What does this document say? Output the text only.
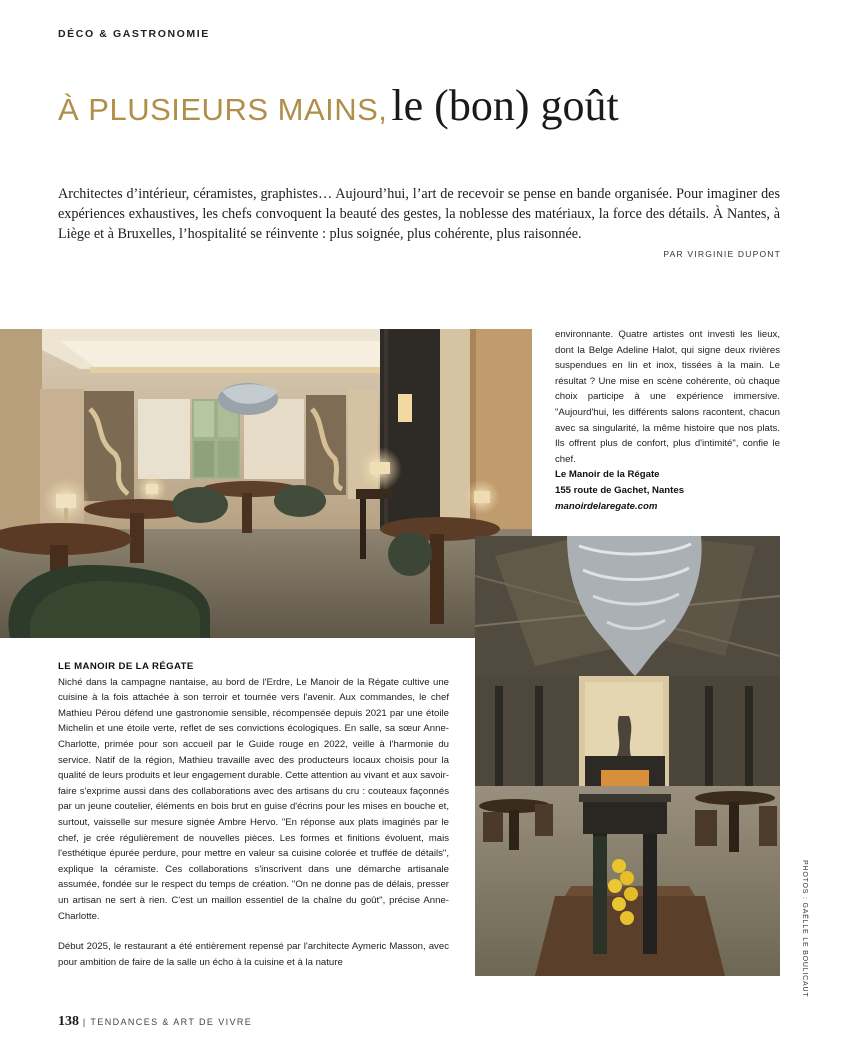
DÉCO & GASTRONOMIE
À PLUSIEURS MAINS, le (bon) goût
Architectes d’intérieur, céramistes, graphistes… Aujourd’hui, l’art de recevoir se pense en bande organisée. Pour imaginer des expériences exhaustives, les chefs convoquent la beauté des gestes, la noblesse des matériaux, la force des détails. À Nantes, à Liège et à Bruxelles, l’hospitalité se réinvente : plus soignée, plus cohérente, plus raisonnée.
PAR VIRGINIE DUPONT
environnante. Quatre artistes ont investi les lieux, dont la Belge Adeline Halot, qui signe deux rivières suspendues en lin et inox, tissées à la main. Le résultat ? Une mise en scène cohérente, où chaque choix participe à une expérience immersive. "Aujourd'hui, les différents salons racontent, chacun avec sa singularité, la même histoire que nos plats. Ils offrent plus de confort, plus d'intimité", confie le chef.
Le Manoir de la Régate
155 route de Gachet, Nantes
manoirdelaregate.com
LE MANOIR DE LA RÉGATE

Niché dans la campagne nantaise, au bord de l'Erdre, Le Manoir de la Régate cultive une cuisine à la fois attachée à son terroir et tournée vers l'avenir. Aux commandes, le chef Mathieu Pérou défend une gastronomie sensible, récompensée depuis 2021 par une étoile Michelin et une étoile verte, reflet de ses convictions écologiques. En salle, sa sœur Anne-Charlotte, primée pour son accueil par le Guide rouge en 2022, veille à l'harmonie du service. Natif de la région, Mathieu travaille avec des producteurs locaux choisis pour la qualité de leurs produits et leur engagement durable. Cette attention au vivant et aux savoir-faire s'exprime aussi dans des collaborations avec des artisans du cru : couteaux façonnés par un jeune coutelier, éléments en bois brut en guise d'écrins pour les mises en bouche et, surtout, vaisselle sur mesure signée Ambre Hervo. "En réponse aux plats imaginés par le chef, je crée régulièrement de nouvelles pièces. Les formes et finitions évoluent, mais l'esthétique épurée perdure, pour mettre en valeur sa cuisine colorée et truffée de détails", explique la céramiste. Ces collaborations s'inscrivent dans une démarche artisanale assumée, fondée sur le respect du temps de création. "On ne donne pas de délais, presser un artisan ne sert à rien. C'est un maillon essentiel de la chaîne du goût", précise Anne-Charlotte.

Début 2025, le restaurant a été entièrement repensé par l'architecte Aymeric Masson, avec pour ambition de faire de la salle un écho à la cuisine et à la nature	PHOTOS : GAËLLE LE BOULICAUT
138 | TENDANCES & ART DE VIVRE
